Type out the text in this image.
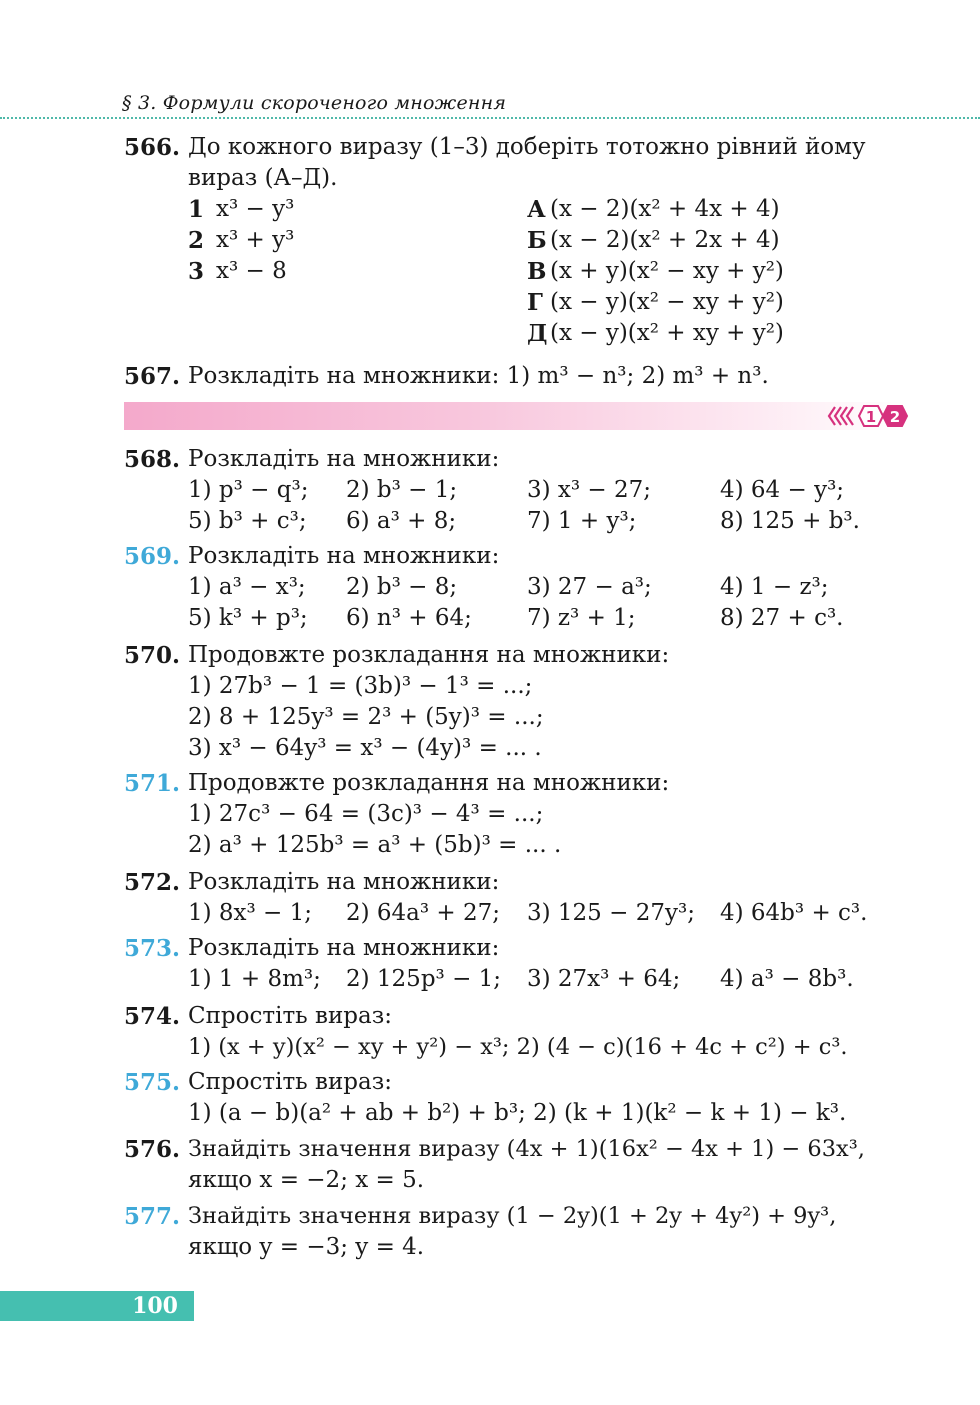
§ 3. Формули скороченого множення
566. До кожного виразу (1–3) доберіть тотожно рівний йому
вираз (А–Д).
1 x³ − y³
2 x³ + y³
3 x³ − 8
А (x − 2)(x² + 4x + 4)
Б (x − 2)(x² + 2x + 4)
В (x + y)(x² − xy + y²)
Г (x − y)(x² − xy + y²)
Д (x − y)(x² + xy + y²)
567. Розкладіть на множники: 1) m³ − n³; 2) m³ + n³.
1 2
568. Розкладіть на множники:
1) p³ − q³; 2) b³ − 1;	3) x³ − 27;	4) 64 − y³;
5) b³ + c³; 6) a³ + 8;	7) 1 + y³;	8) 125 + b³.
569. Розкладіть на множники:
1) a³ − x³; 2) b³ − 8;	3) 27 − a³;	4) 1 − z³;
5) k³ + p³; 6) n³ + 64; 7) z³ + 1;	8) 27 + c³.
570. Продовжте розкладання на множники:
1) 27b³ − 1 = (3b)³ − 1³ = ...;
2) 8 + 125y³ = 2³ + (5y)³ = ...;
3) x³ − 64y³ = x³ − (4y)³ = ... .
571. Продовжте розкладання на множники:
1) 27c³ − 64 = (3c)³ − 4³ = ...;
2) a³ + 125b³ = a³ + (5b)³ = ... .
572. Розкладіть на множники:
1) 8x³ − 1; 2) 64a³ + 27; 3) 125 − 27y³; 4) 64b³ + c³.
573. Розкладіть на множники:
1) 1 + 8m³; 2) 125p³ − 1; 3) 27x³ + 64; 4) a³ − 8b³.
574. Спростіть вираз:
1) (x + y)(x² − xy + y²) − x³; 2) (4 − c)(16 + 4c + c²) + c³.
575. Спростіть вираз:
1) (a − b)(a² + ab + b²) + b³; 2) (k + 1)(k² − k + 1) − k³.
576. Знайдіть значення виразу (4x + 1)(16x² − 4x + 1) − 63x³,
якщо x = −2; x = 5.
577. Знайдіть значення виразу (1 − 2y)(1 + 2y + 4y²) + 9y³,
якщо y = −3; y = 4.
100
